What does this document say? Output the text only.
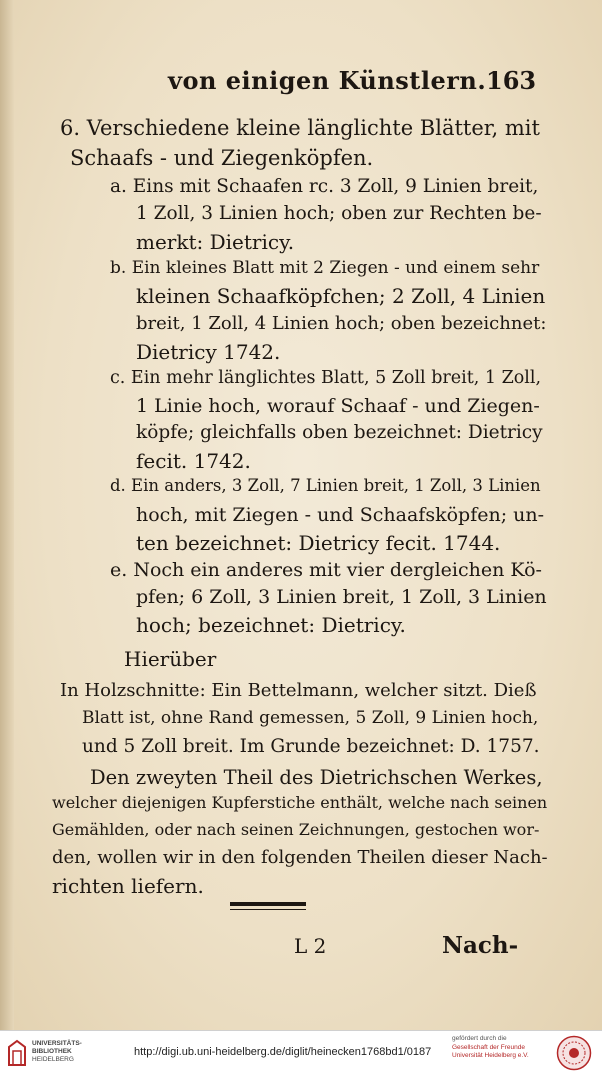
von einigen Künstlern. 163
6. Verschiedene kleine länglichte Blätter, mit
Schaafs - und Ziegenköpfen.
a. Eins mit Schaafen rc. 3 Zoll, 9 Linien breit,
1 Zoll, 3 Linien hoch; oben zur Rechten be-
merkt: Dietricy.
b. Ein kleines Blatt mit 2 Ziegen - und einem sehr
kleinen Schaafköpfchen; 2 Zoll, 4 Linien
breit, 1 Zoll, 4 Linien hoch; oben bezeichnet:
Dietricy 1742.
c. Ein mehr länglichtes Blatt, 5 Zoll breit, 1 Zoll,
1 Linie hoch, worauf Schaaf - und Ziegen-
köpfe; gleichfalls oben bezeichnet: Dietricy
fecit. 1742.
d. Ein anders, 3 Zoll, 7 Linien breit, 1 Zoll, 3 Linien
hoch, mit Ziegen - und Schaafsköpfen; un-
ten bezeichnet: Dietricy fecit. 1744.
e. Noch ein anderes mit vier dergleichen Kö-
pfen; 6 Zoll, 3 Linien breit, 1 Zoll, 3 Linien
hoch; bezeichnet: Dietricy.
Hierüber
In Holzschnitte: Ein Bettelmann, welcher sitzt. Dieß
Blatt ist, ohne Rand gemessen, 5 Zoll, 9 Linien hoch,
und 5 Zoll breit. Im Grunde bezeichnet: D. 1757.
Den zweyten Theil des Dietrichschen Werkes,
welcher diejenigen Kupferstiche enthält, welche nach seinen
Gemählden, oder nach seinen Zeichnungen, gestochen wor-
den, wollen wir in den folgenden Theilen dieser Nach-
richten liefern.
L 2	Nach-
UNIVERSITÄTS-
BIBLIOTHEK
HEIDELBERG
http://digi.ub.uni-heidelberg.de/diglit/heinecken1768bd1/0187
gefördert durch die
Gesellschaft der Freunde
Universität Heidelberg e.V.
